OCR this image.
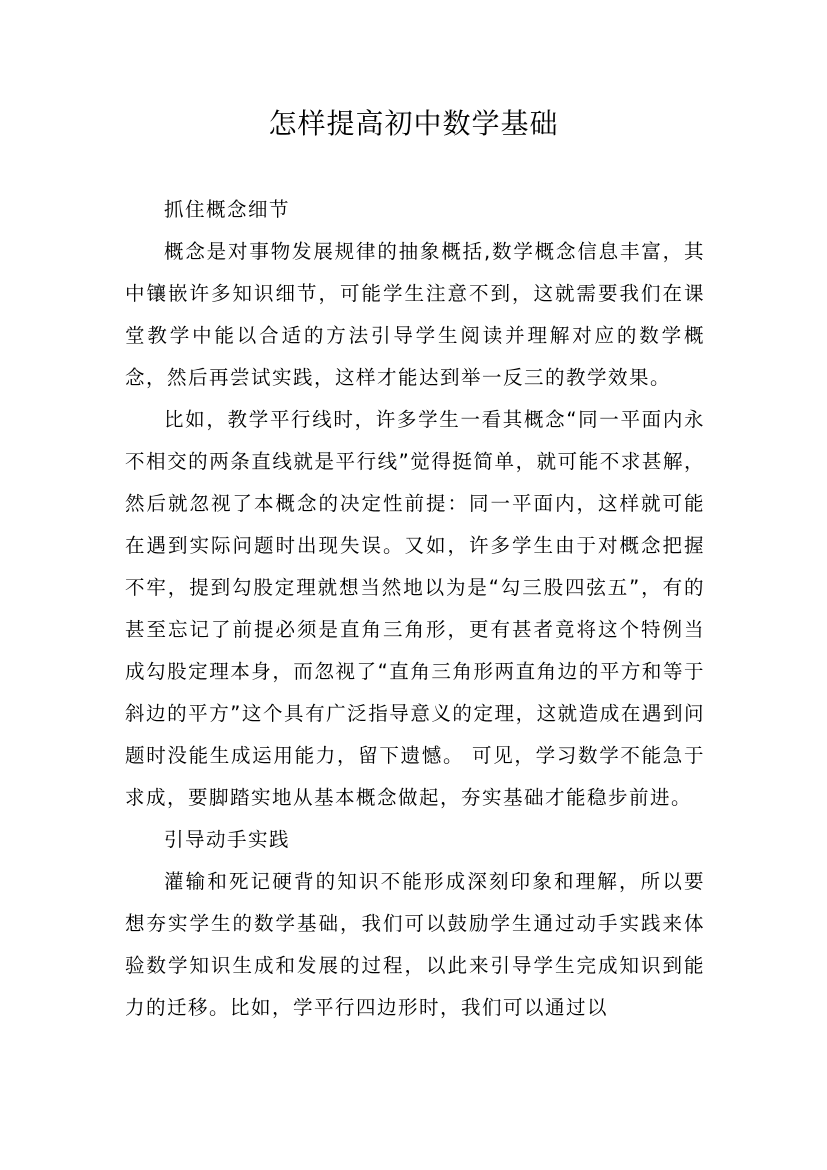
怎样提高初中数学基础

抓住概念细节

概念是对事物发展规律的抽象概括,数学概念信息丰富，其中镶嵌许多知识细节，可能学生注意不到，这就需要我们在课堂教学中能以合适的方法引导学生阅读并理解对应的数学概念，然后再尝试实践，这样才能达到举一反三的教学效果。

比如，教学平行线时，许多学生一看其概念“同一平面内永不相交的两条直线就是平行线”觉得挺简单，就可能不求甚解，然后就忽视了本概念的决定性前提：同一平面内，这样就可能在遇到实际问题时出现失误。又如，许多学生由于对概念把握不牢，提到勾股定理就想当然地以为是“勾三股四弦五”，有的甚至忘记了前提必须是直角三角形，更有甚者竟将这个特例当成勾股定理本身，而忽视了“直角三角形两直角边的平方和等于斜边的平方”这个具有广泛指导意义的定理，这就造成在遇到问题时没能生成运用能力，留下遗憾。 可见，学习数学不能急于求成，要脚踏实地从基本概念做起，夯实基础才能稳步前进。

引导动手实践

灌输和死记硬背的知识不能形成深刻印象和理解，所以要想夯实学生的数学基础，我们可以鼓励学生通过动手实践来体验数学知识生成和发展的过程，以此来引导学生完成知识到能力的迁移。比如，学平行四边形时，我们可以通过以
